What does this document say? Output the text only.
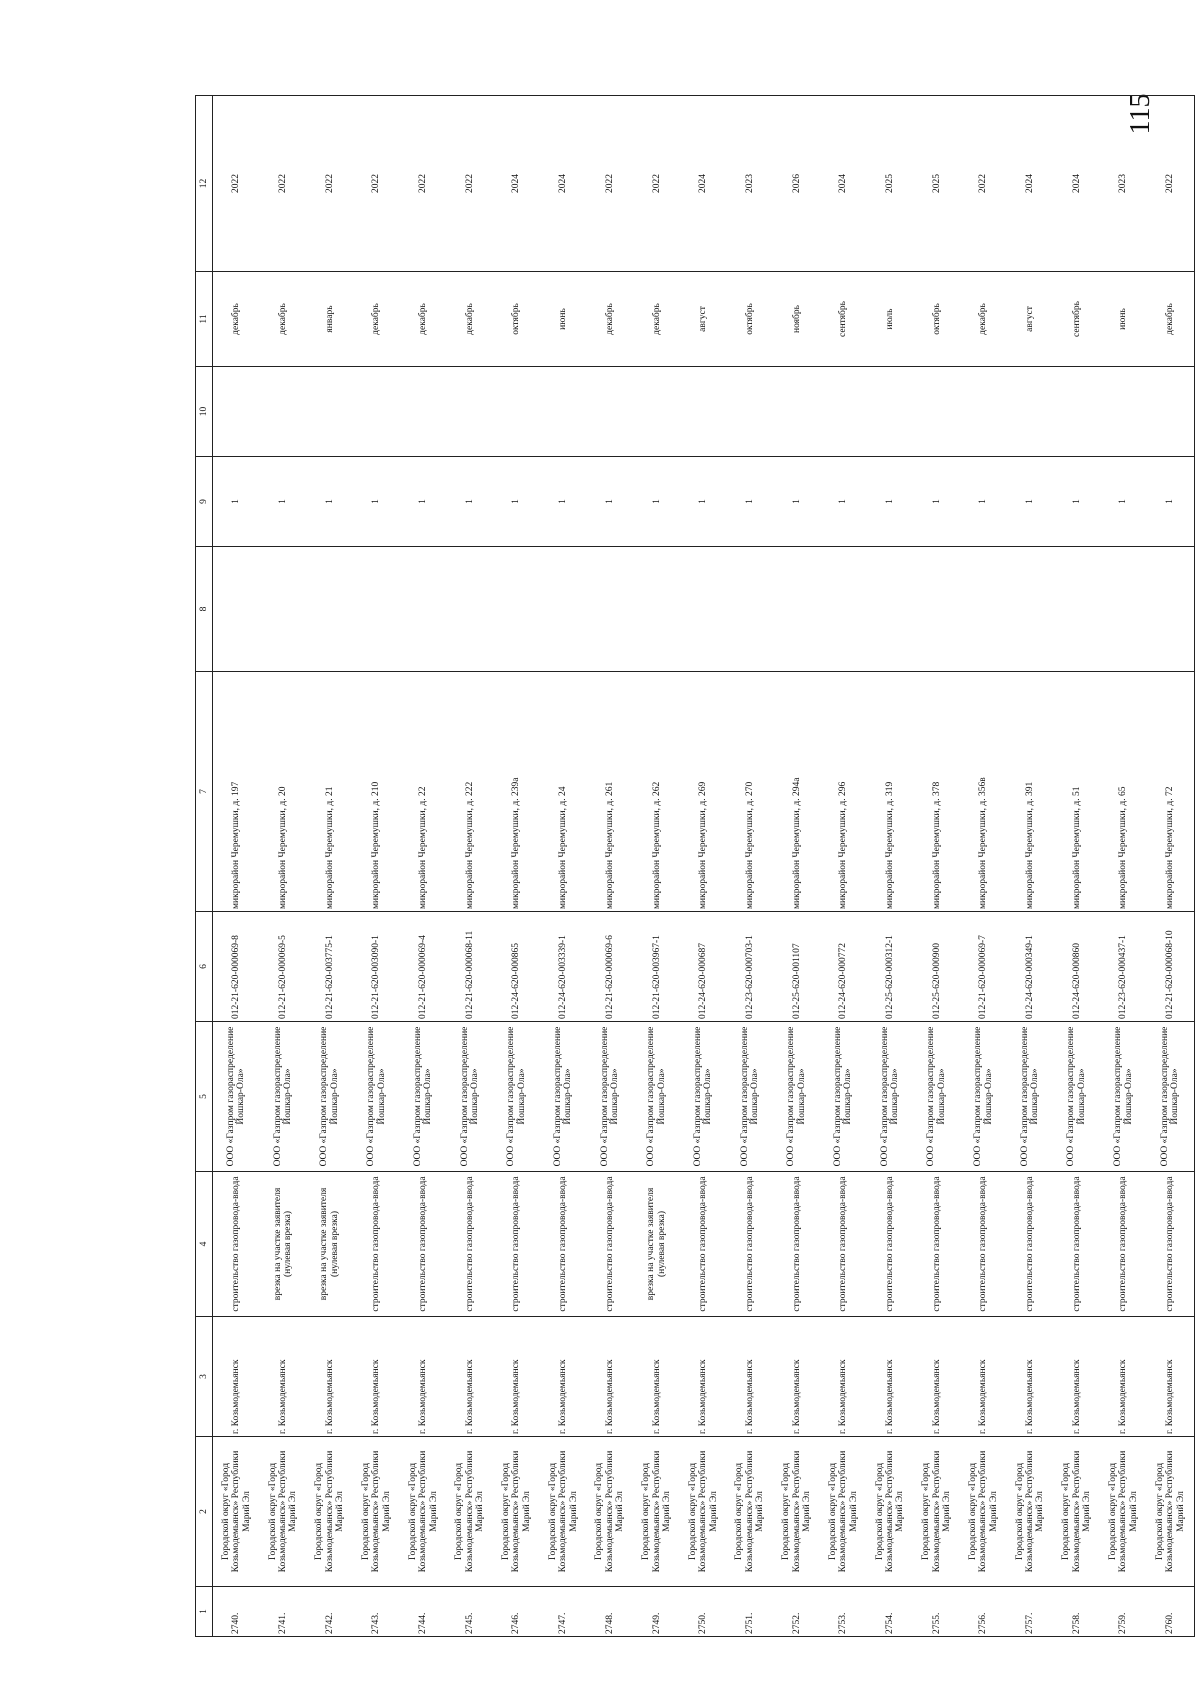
115
1	2	3	4	5	6	7	8	9	10	11	12
2740.	Городской округ «Город Козьмодемьянск» Республики Марий Эл	г. Козьмодемьянск	строительство газопровода-ввода	ООО «Газпром газораспределение Йошкар-Ола»	012-21-620-000069-8	микрорайон Черемушки, д. 197		1		декабрь	2022
2741.	Городской округ «Город Козьмодемьянск» Республики Марий Эл	г. Козьмодемьянск	врезка на участке заявителя (нулевая врезка)	ООО «Газпром газораспределение Йошкар-Ола»	012-21-620-000069-5	микрорайон Черемушки, д. 20		1		декабрь	2022
2742.	Городской округ «Город Козьмодемьянск» Республики Марий Эл	г. Козьмодемьянск	врезка на участке заявителя (нулевая врезка)	ООО «Газпром газораспределение Йошкар-Ола»	012-21-620-003775-1	микрорайон Черемушки, д. 21		1		январь	2022
2743.	Городской округ «Город Козьмодемьянск» Республики Марий Эл	г. Козьмодемьянск	строительство газопровода-ввода	ООО «Газпром газораспределение Йошкар-Ола»	012-21-620-003090-1	микрорайон Черемушки, д. 210		1		декабрь	2022
2744.	Городской округ «Город Козьмодемьянск» Республики Марий Эл	г. Козьмодемьянск	строительство газопровода-ввода	ООО «Газпром газораспределение Йошкар-Ола»	012-21-620-000069-4	микрорайон Черемушки, д. 22		1		декабрь	2022
2745.	Городской округ «Город Козьмодемьянск» Республики Марий Эл	г. Козьмодемьянск	строительство газопровода-ввода	ООО «Газпром газораспределение Йошкар-Ола»	012-21-620-000068-11	микрорайон Черемушки, д. 222		1		декабрь	2022
2746.	Городской округ «Город Козьмодемьянск» Республики Марий Эл	г. Козьмодемьянск	строительство газопровода-ввода	ООО «Газпром газораспределение Йошкар-Ола»	012-24-620-000865	микрорайон Черемушки, д. 239а		1		октябрь	2024
2747.	Городской округ «Город Козьмодемьянск» Республики Марий Эл	г. Козьмодемьянск	строительство газопровода-ввода	ООО «Газпром газораспределение Йошкар-Ола»	012-24-620-003339-1	микрорайон Черемушки, д. 24		1		июнь	2024
2748.	Городской округ «Город Козьмодемьянск» Республики Марий Эл	г. Козьмодемьянск	строительство газопровода-ввода	ООО «Газпром газораспределение Йошкар-Ола»	012-21-620-000069-6	микрорайон Черемушки, д. 261		1		декабрь	2022
2749.	Городской округ «Город Козьмодемьянск» Республики Марий Эл	г. Козьмодемьянск	врезка на участке заявителя (нулевая врезка)	ООО «Газпром газораспределение Йошкар-Ола»	012-21-620-003967-1	микрорайон Черемушки, д. 262		1		декабрь	2022
2750.	Городской округ «Город Козьмодемьянск» Республики Марий Эл	г. Козьмодемьянск	строительство газопровода-ввода	ООО «Газпром газораспределение Йошкар-Ола»	012-24-620-000687	микрорайон Черемушки, д. 269		1		август	2024
2751.	Городской округ «Город Козьмодемьянск» Республики Марий Эл	г. Козьмодемьянск	строительство газопровода-ввода	ООО «Газпром газораспределение Йошкар-Ола»	012-23-620-000703-1	микрорайон Черемушки, д. 270		1		октябрь	2023
2752.	Городской округ «Город Козьмодемьянск» Республики Марий Эл	г. Козьмодемьянск	строительство газопровода-ввода	ООО «Газпром газораспределение Йошкар-Ола»	012-25-620-001107	микрорайон Черемушки, д. 294а		1		ноябрь	2026
2753.	Городской округ «Город Козьмодемьянск» Республики Марий Эл	г. Козьмодемьянск	строительство газопровода-ввода	ООО «Газпром газораспределение Йошкар-Ола»	012-24-620-000772	микрорайон Черемушки, д. 296		1		сентябрь	2024
2754.	Городской округ «Город Козьмодемьянск» Республики Марий Эл	г. Козьмодемьянск	строительство газопровода-ввода	ООО «Газпром газораспределение Йошкар-Ола»	012-25-620-000312-1	микрорайон Черемушки, д. 319		1		июль	2025
2755.	Городской округ «Город Козьмодемьянск» Республики Марий Эл	г. Козьмодемьянск	строительство газопровода-ввода	ООО «Газпром газораспределение Йошкар-Ола»	012-25-620-000900	микрорайон Черемушки, д. 378		1		октябрь	2025
2756.	Городской округ «Город Козьмодемьянск» Республики Марий Эл	г. Козьмодемьянск	строительство газопровода-ввода	ООО «Газпром газораспределение Йошкар-Ола»	012-21-620-000069-7	микрорайон Черемушки, д. 356в		1		декабрь	2022
2757.	Городской округ «Город Козьмодемьянск» Республики Марий Эл	г. Козьмодемьянск	строительство газопровода-ввода	ООО «Газпром газораспределение Йошкар-Ола»	012-24-620-000349-1	микрорайон Черемушки, д. 391		1		август	2024
2758.	Городской округ «Город Козьмодемьянск» Республики Марий Эл	г. Козьмодемьянск	строительство газопровода-ввода	ООО «Газпром газораспределение Йошкар-Ола»	012-24-620-000860	микрорайон Черемушки, д. 51		1		сентябрь	2024
2759.	Городской округ «Город Козьмодемьянск» Республики Марий Эл	г. Козьмодемьянск	строительство газопровода-ввода	ООО «Газпром газораспределение Йошкар-Ола»	012-23-620-000437-1	микрорайон Черемушки, д. 65		1		июнь	2023
2760.	Городской округ «Город Козьмодемьянск» Республики Марий Эл	г. Козьмодемьянск	строительство газопровода-ввода	ООО «Газпром газораспределение Йошкар-Ола»	012-21-620-000068-10	микрорайон Черемушки, д. 72		1		декабрь	2022
